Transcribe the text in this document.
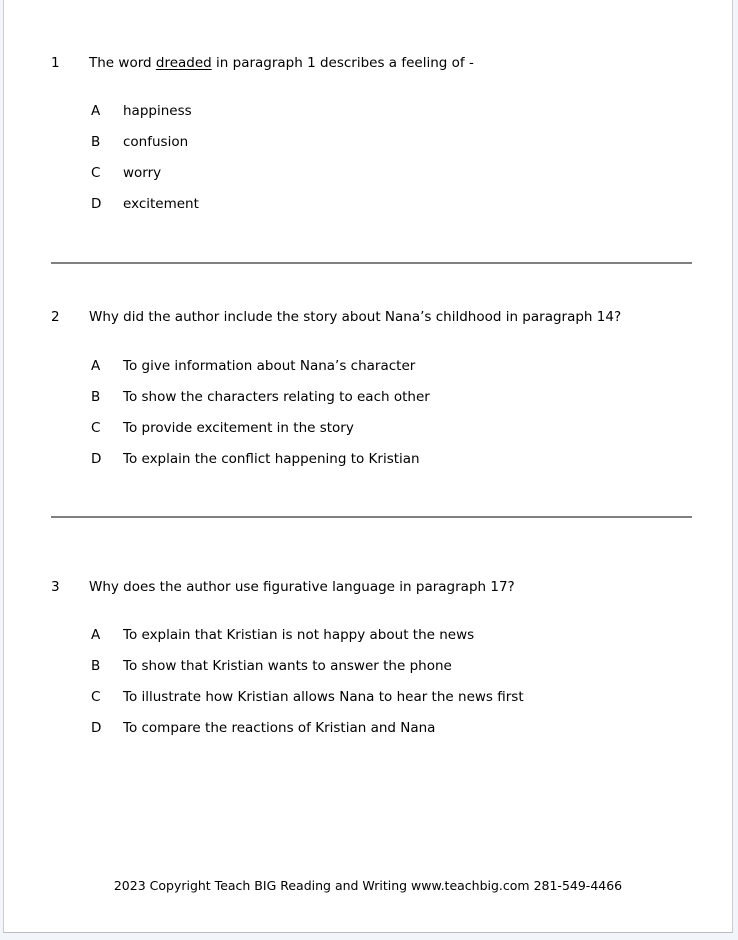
1	The word dreaded in paragraph 1 describes a feeling of -
A	happiness
B	confusion
C	worry
D	excitement
2	Why did the author include the story about Nana’s childhood in paragraph 14?
A	To give information about Nana’s character
B	To show the characters relating to each other
C	To provide excitement in the story
D	To explain the conflict happening to Kristian
3	Why does the author use figurative language in paragraph 17?
A	To explain that Kristian is not happy about the news
B	To show that Kristian wants to answer the phone
C	To illustrate how Kristian allows Nana to hear the news first
D	To compare the reactions of Kristian and Nana
2023 Copyright Teach BIG Reading and Writing www.teachbig.com 281-549-4466
